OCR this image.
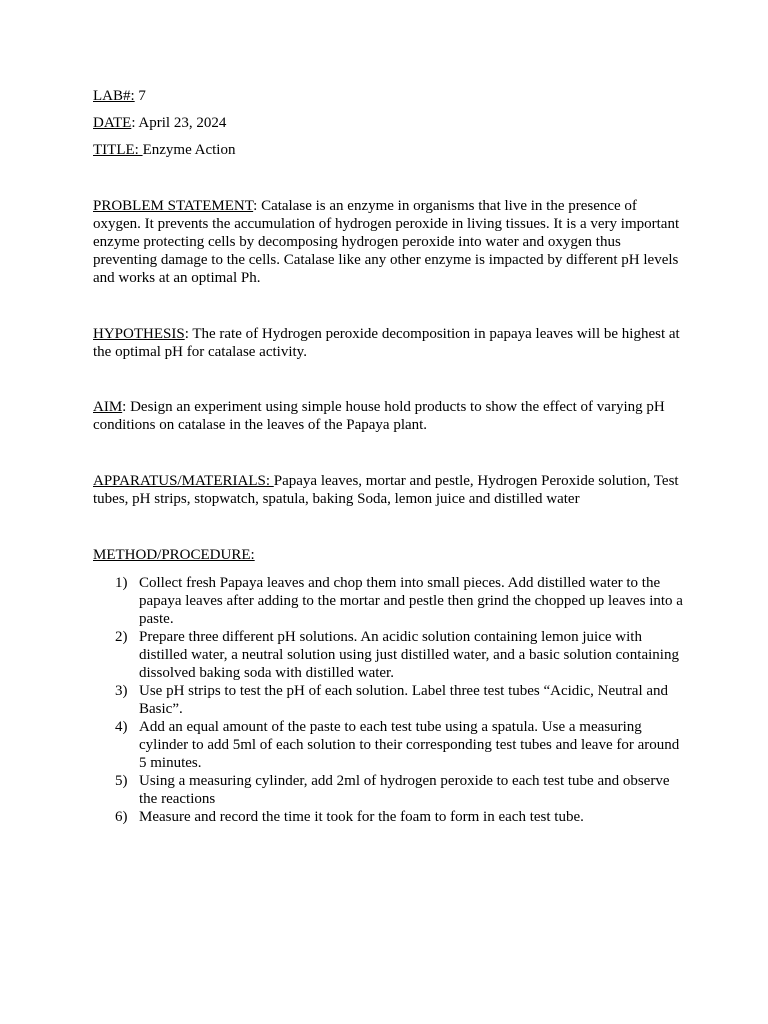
LAB#: 7

DATE: April 23, 2024

TITLE: Enzyme Action

PROBLEM STATEMENT: Catalase is an enzyme in organisms that live in the presence of oxygen. It prevents the accumulation of hydrogen peroxide in living tissues. It is a very important enzyme protecting cells by decomposing hydrogen peroxide into water and oxygen thus preventing damage to the cells. Catalase like any other enzyme is impacted by different pH levels and works at an optimal Ph.

HYPOTHESIS: The rate of Hydrogen peroxide decomposition in papaya leaves will be highest at the optimal pH for catalase activity.

AIM: Design an experiment using simple house hold products to show the effect of varying pH conditions on catalase in the leaves of the Papaya plant.

APPARATUS/MATERIALS: Papaya leaves, mortar and pestle, Hydrogen Peroxide solution, Test tubes, pH strips, stopwatch, spatula, baking Soda, lemon juice and distilled water

METHOD/PROCEDURE:

1) Collect fresh Papaya leaves and chop them into small pieces. Add distilled water to the papaya leaves after adding to the mortar and pestle then grind the chopped up leaves into a paste.
2) Prepare three different pH solutions. An acidic solution containing lemon juice with distilled water, a neutral solution using just distilled water, and a basic solution containing dissolved baking soda with distilled water.
3) Use pH strips to test the pH of each solution. Label three test tubes “Acidic, Neutral and Basic”.
4) Add an equal amount of the paste to each test tube using a spatula. Use a measuring cylinder to add 5ml of each solution to their corresponding test tubes and leave for around 5 minutes.
5) Using a measuring cylinder, add 2ml of hydrogen peroxide to each test tube and observe the reactions
6) Measure and record the time it took for the foam to form in each test tube.
